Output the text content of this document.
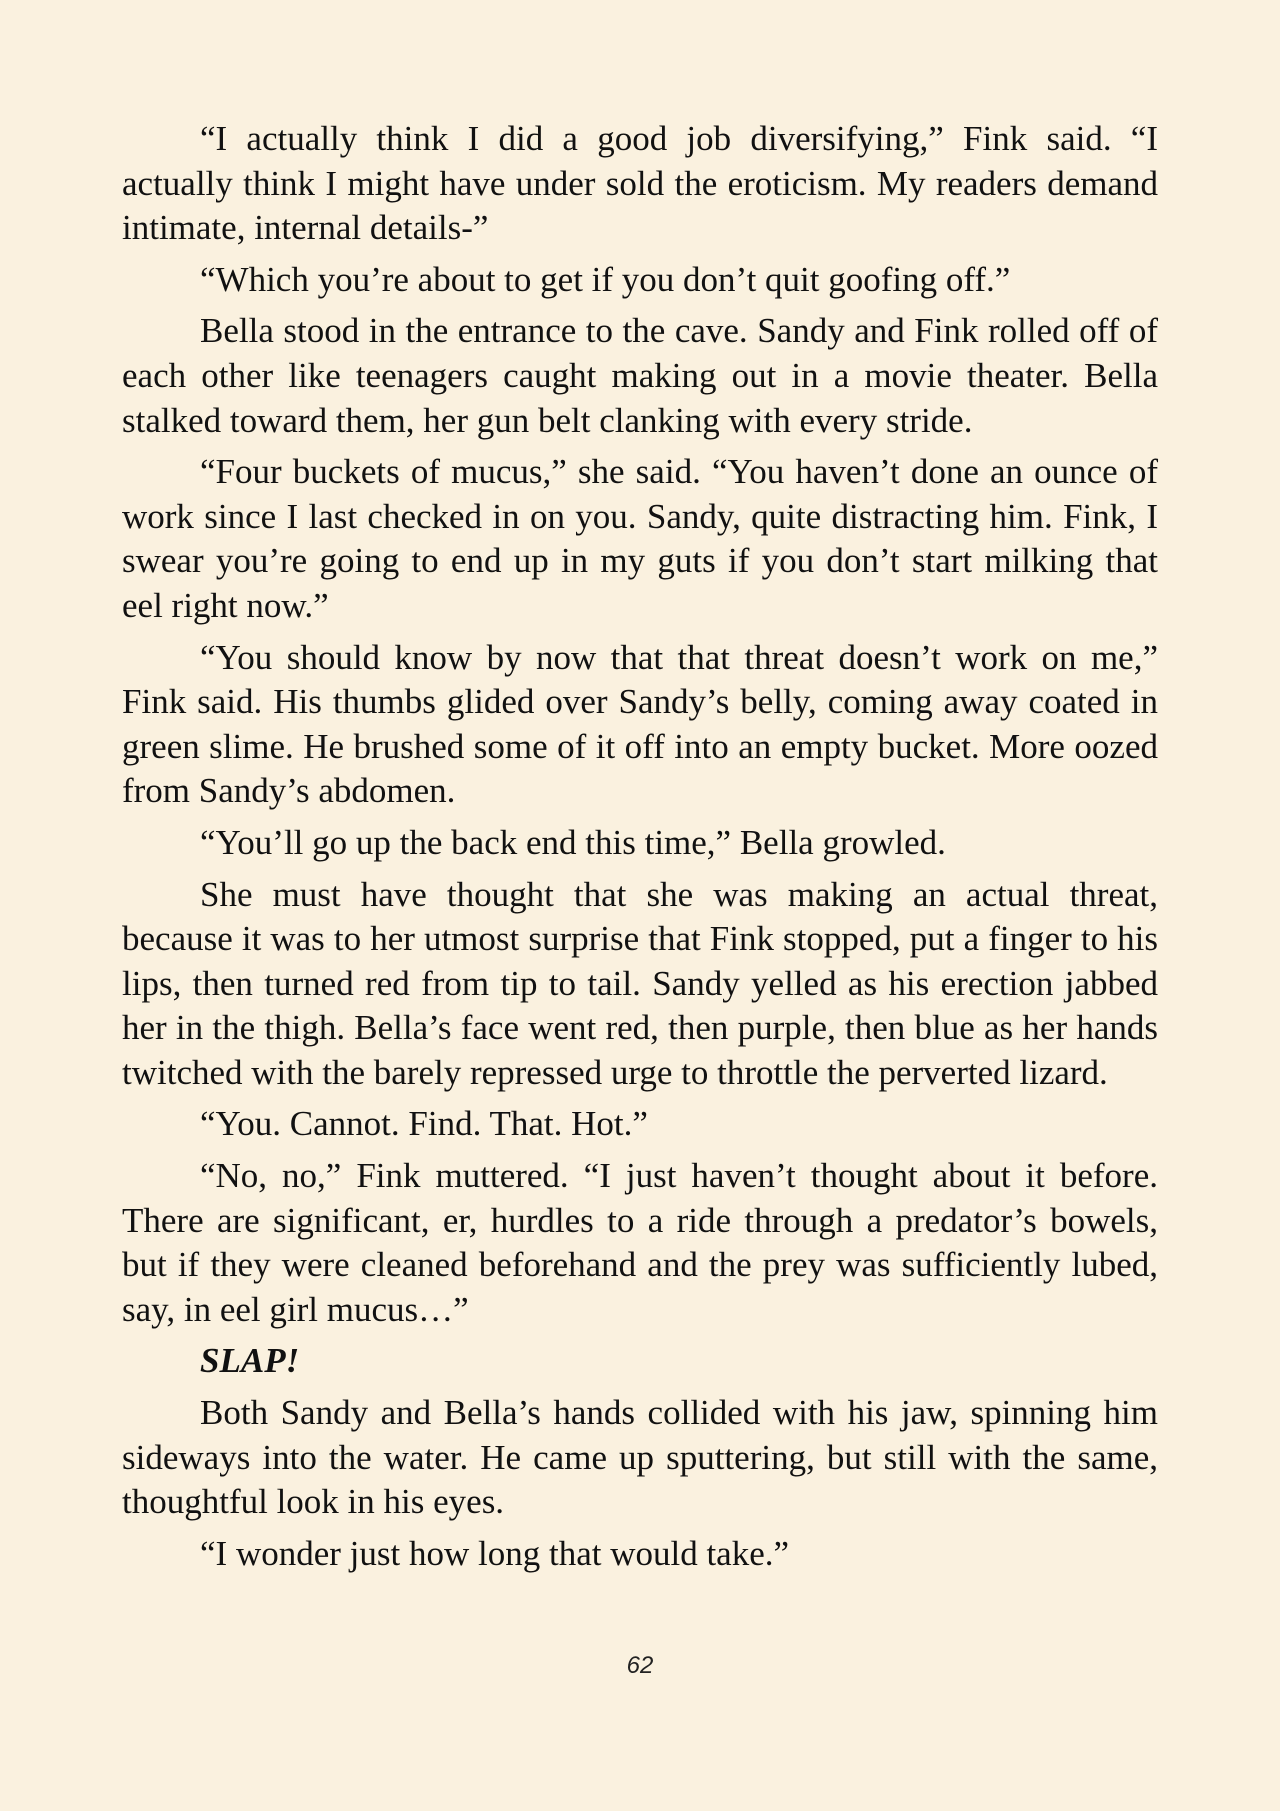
“I actually think I did a good job diversifying,” Fink said. “I actually think I might have under sold the eroticism. My readers demand intimate, internal details-”

“Which you’re about to get if you don’t quit goofing off.”

Bella stood in the entrance to the cave. Sandy and Fink rolled off of each other like teenagers caught making out in a movie theater. Bella stalked toward them, her gun belt clanking with every stride.

“Four buckets of mucus,” she said. “You haven’t done an ounce of work since I last checked in on you. Sandy, quite distracting him. Fink, I swear you’re going to end up in my guts if you don’t start milking that eel right now.”

“You should know by now that that threat doesn’t work on me,” Fink said. His thumbs glided over Sandy’s belly, coming away coated in green slime. He brushed some of it off into an empty bucket. More oozed from Sandy’s abdomen.

“You’ll go up the back end this time,” Bella growled.

She must have thought that she was making an actual threat, because it was to her utmost surprise that Fink stopped, put a finger to his lips, then turned red from tip to tail. Sandy yelled as his erection jabbed her in the thigh. Bella’s face went red, then purple, then blue as her hands twitched with the barely repressed urge to throttle the perverted lizard.

“You. Cannot. Find. That. Hot.”

“No, no,” Fink muttered. “I just haven’t thought about it before. There are significant, er, hurdles to a ride through a predator’s bowels, but if they were cleaned beforehand and the prey was sufficiently lubed, say, in eel girl mucus…”

SLAP!

Both Sandy and Bella’s hands collided with his jaw, spinning him sideways into the water. He came up sputtering, but still with the same, thoughtful look in his eyes.

“I wonder just how long that would take.”

62
